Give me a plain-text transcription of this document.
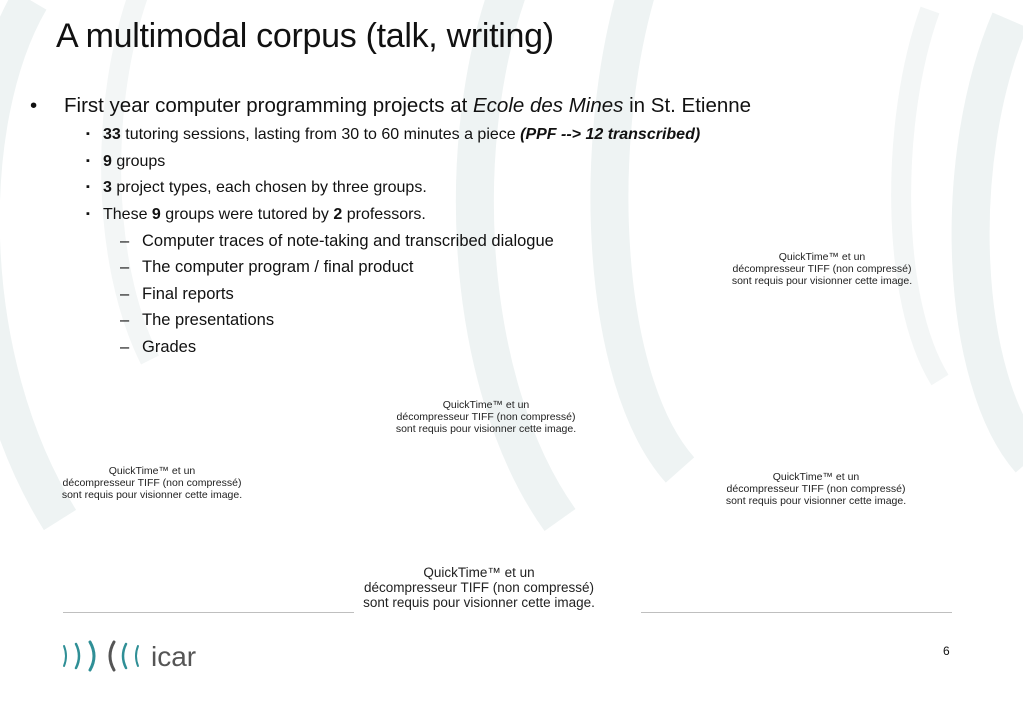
A multimodal corpus (talk, writing)
• First year computer programming projects at Ecole des Mines in St. Etienne
▪ 33 tutoring sessions, lasting from 30 to 60 minutes a piece (PPF --> 12 transcribed)
▪ 9 groups
▪ 3 project types, each chosen by three groups.
▪ These 9 groups were tutored by 2 professors.
– Computer traces of note-taking and transcribed dialogue
– The computer program / final product
– Final reports
– The presentations
– Grades
QuickTime™ et un
décompresseur TIFF (non compressé)
sont requis pour visionner cette image.
QuickTime™ et un
décompresseur TIFF (non compressé)
sont requis pour visionner cette image.
QuickTime™ et un
décompresseur TIFF (non compressé)
sont requis pour visionner cette image.
QuickTime™ et un
décompresseur TIFF (non compressé)
sont requis pour visionner cette image.
QuickTime™ et un
décompresseur TIFF (non compressé)
sont requis pour visionner cette image.
icar	6
